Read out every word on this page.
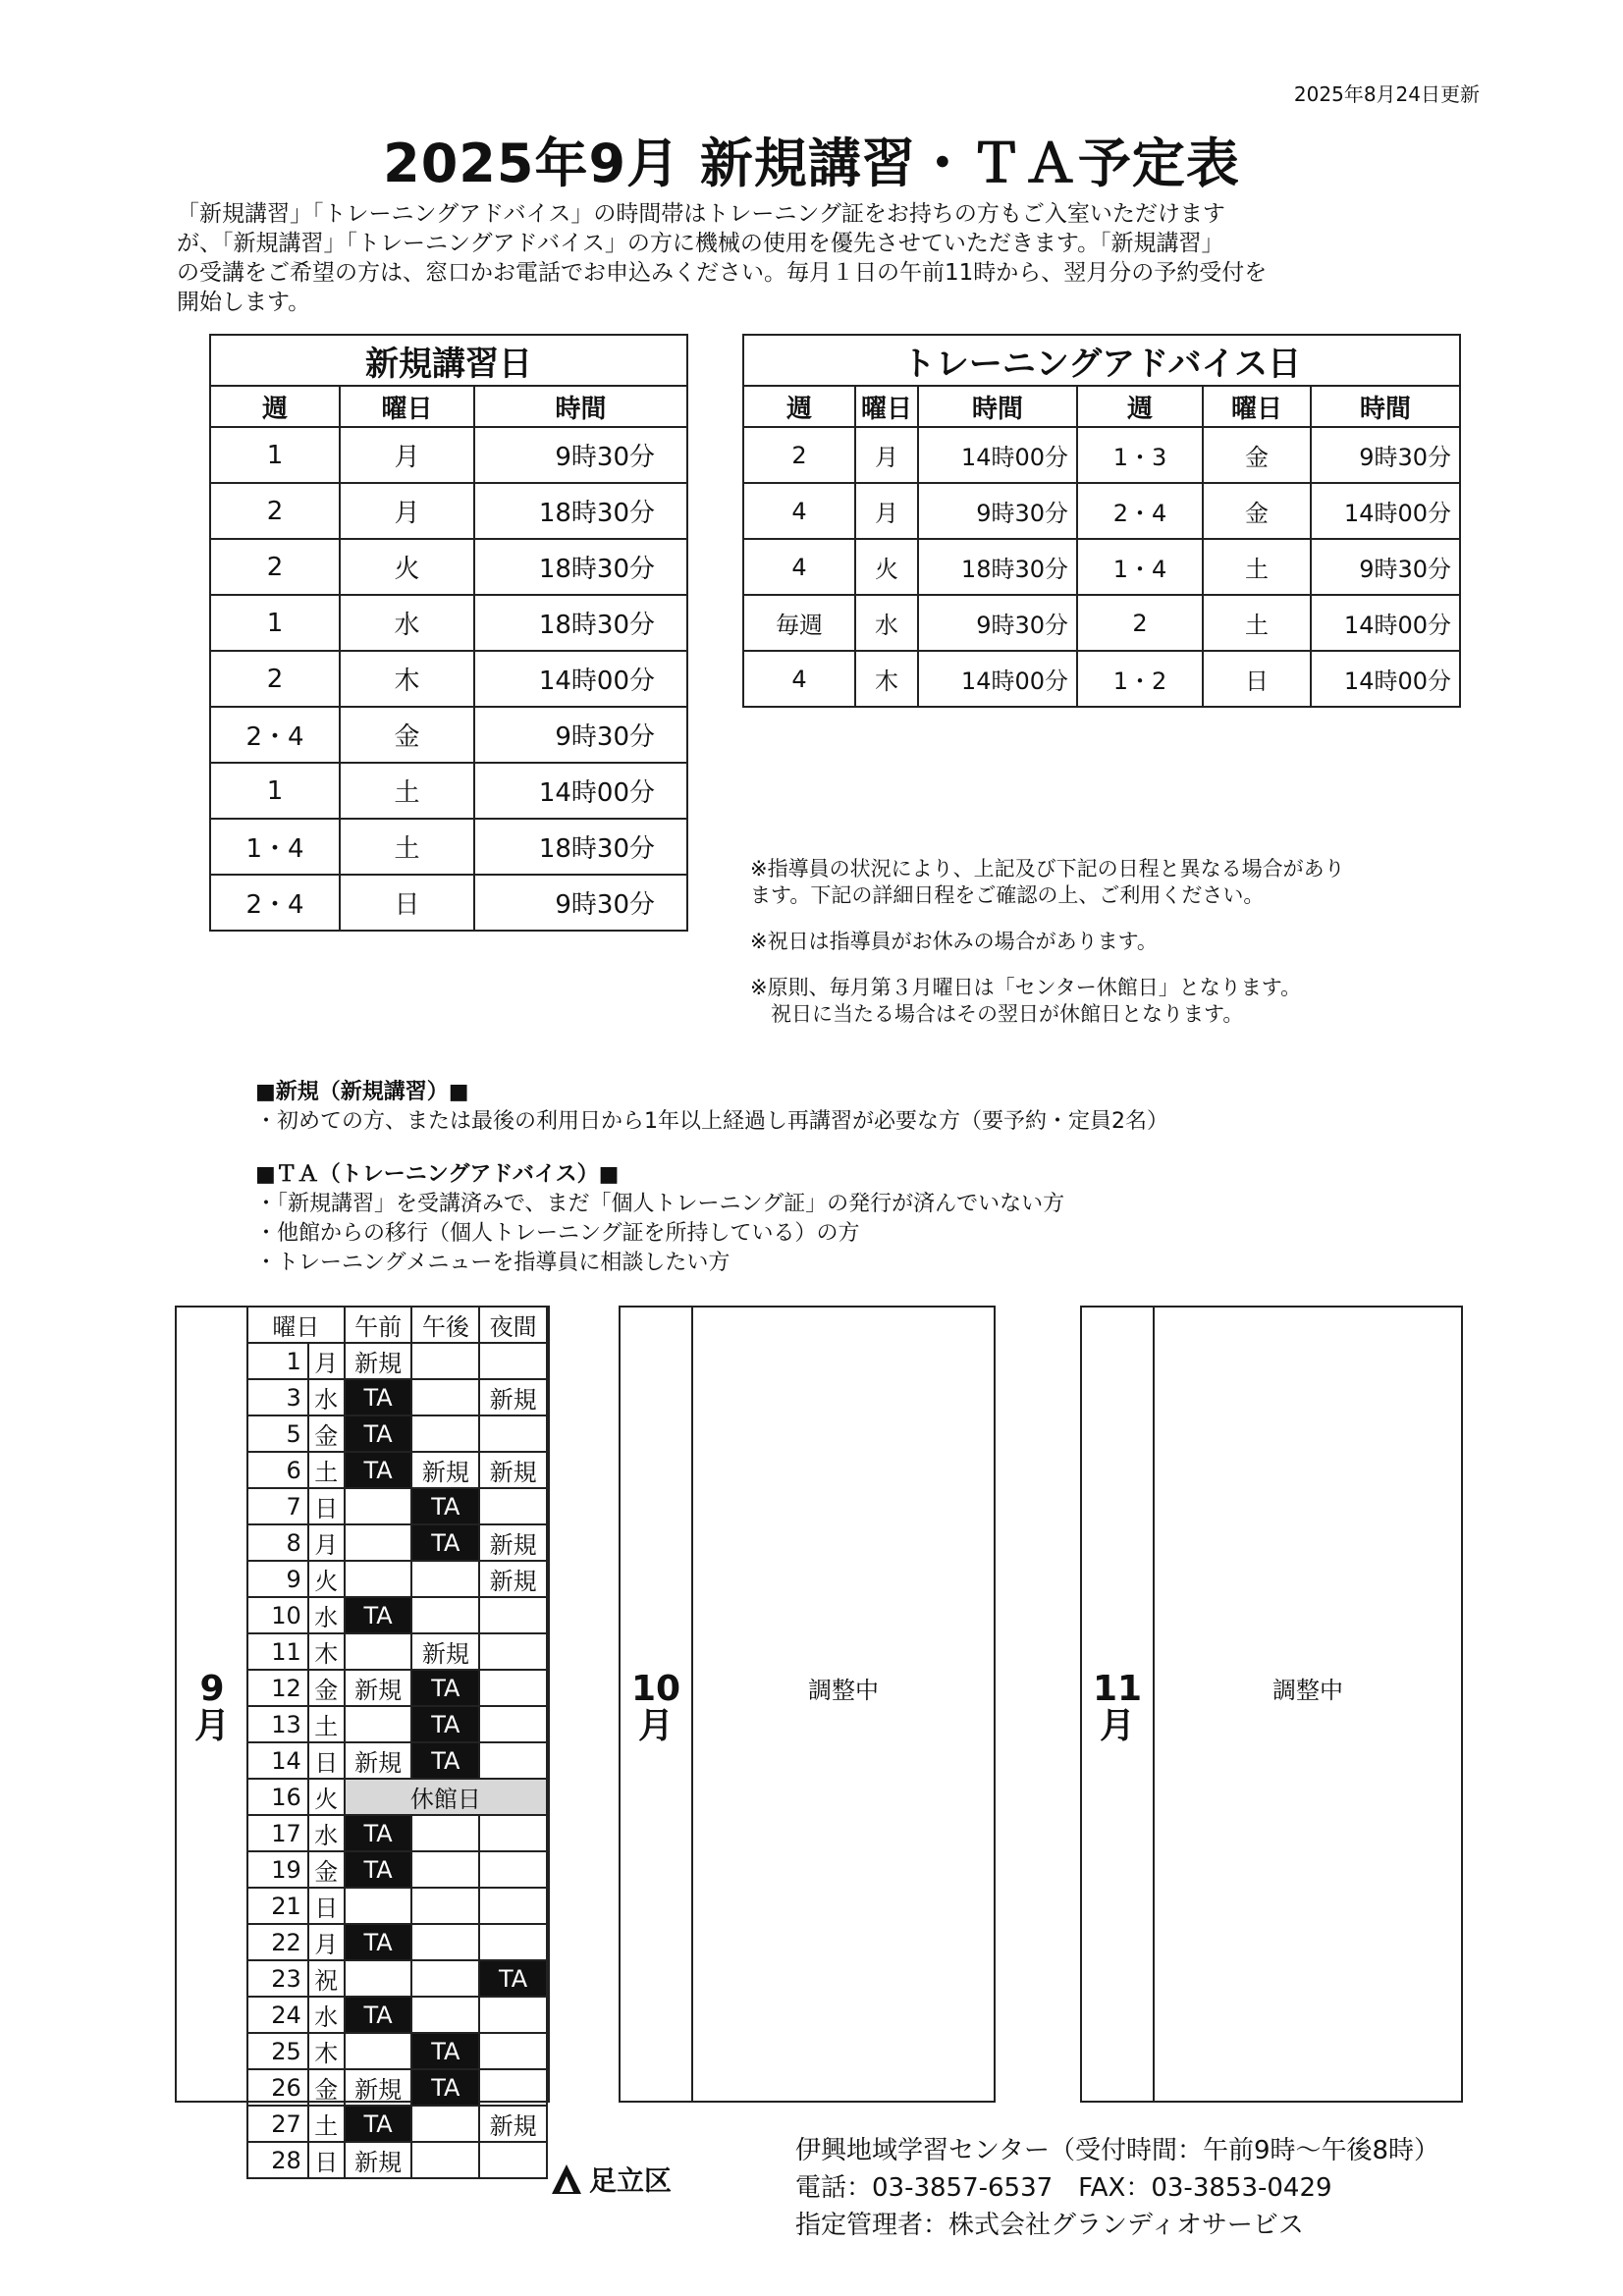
2025年8月24日更新
2025年9月 新規講習・ＴＡ予定表
「新規講習」「トレーニングアドバイス」の時間帯はトレーニング証をお持ちの方もご入室いただけます
が、「新規講習」「トレーニングアドバイス」の方に機械の使用を優先させていただきます。「新規講習」
の受講をご希望の方は、窓口かお電話でお申込みください。毎月１日の午前11時から、翌月分の予約受付を
開始します。
新規講習日		
週	曜日	時間
1	月	9時30分
2	月	18時30分
2	火	18時30分
1	水	18時30分
2	木	14時00分
2・4	金	9時30分
1	土	14時00分
1・4	土	18時30分
2・4	日	9時30分
トレーニングアドバイス日					
週	曜日	時間	週	曜日	時間
2	月	14時00分	1・3	金	9時30分
4	月	9時30分	2・4	金	14時00分
4	火	18時30分	1・4	土	9時30分
毎週	水	9時30分	2	土	14時00分
4	木	14時00分	1・2	日	14時00分

※指導員の状況により、上記及び下記の日程と異なる場合があり
ます。下記の詳細日程をご確認の上、ご利用ください。

※祝日は指導員がお休みの場合があります。

※原則、毎月第３月曜日は「センター休館日」となります。
　祝日に当たる場合はその翌日が休館日となります。

■新規（新規講習）■
・初めての方、または最後の利用日から1年以上経過し再講習が必要な方（要予約・定員2名）
■ＴＡ（トレーニングアドバイス）■
・「新規講習」を受講済みで、まだ「個人トレーニング証」の発行が済んでいない方
・他館からの移行（個人トレーニング証を所持している）の方
・トレーニングメニューを指導員に相談したい方
9
月
曜日		午前	午後	夜間
1	月	新規		
3	水	TA		新規
5	金	TA		
6	土	TA	新規	新規
7	日		TA	
8	月		TA	新規
9	火			新規
10	水	TA		
11	木		新規	
12	金	新規	TA	
13	土		TA	
14	日	新規	TA	
16	火	休館日		
17	水	TA		
19	金	TA		
21	日			
22	月	TA		
23	祝			TA
24	水	TA		
25	木		TA	
26	金	新規	TA	
27	土	TA		新規
28	日	新規		
10
月
調整中	11
月
調整中
足立区
伊興地域学習センター（受付時間：午前9時～午後8時）
電話：03-3857-6537　FAX：03-3853-0429
指定管理者：株式会社グランディオサービス
